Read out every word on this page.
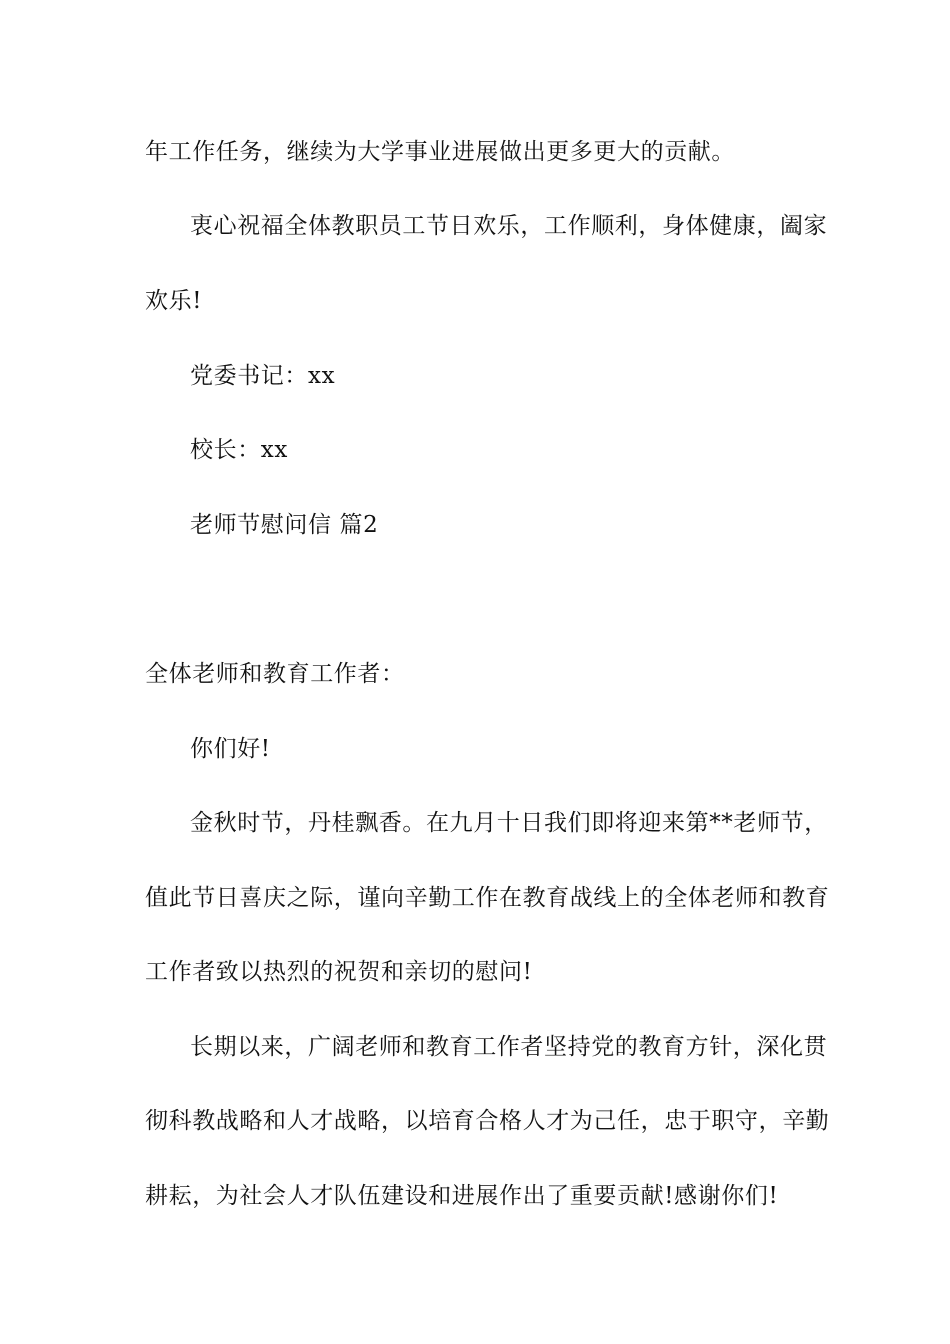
年工作任务，继续为大学事业进展做出更多更大的贡献。
衷心祝福全体教职员工节日欢乐，工作顺利，身体健康，阖家
欢乐!
党委书记：xx
校长：xx
老师节慰问信 篇2
全体老师和教育工作者：
你们好!
金秋时节，丹桂飘香。在九月十日我们即将迎来第**老师节，
值此节日喜庆之际，谨向辛勤工作在教育战线上的全体老师和教育
工作者致以热烈的祝贺和亲切的慰问!
长期以来，广阔老师和教育工作者坚持党的教育方针，深化贯
彻科教战略和人才战略，以培育合格人才为己任，忠于职守，辛勤
耕耘，为社会人才队伍建设和进展作出了重要贡献!感谢你们!
